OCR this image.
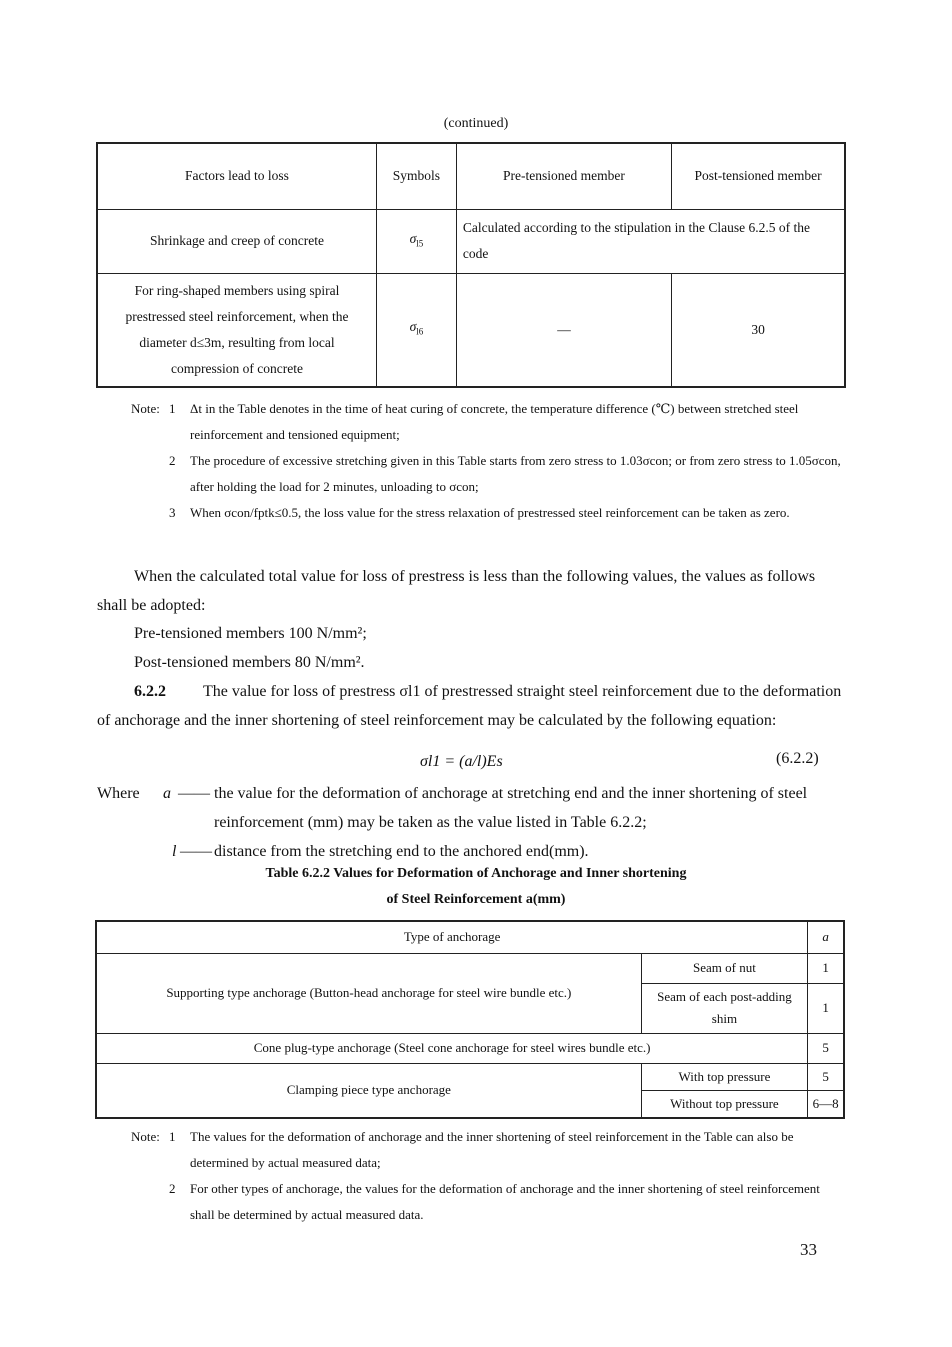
(continued)
Factors lead to loss	Symbols	Pre-tensioned member	Post-tensioned member
Shrinkage and creep of concrete	$\sigma_{l5}$	Calculated according to the stipulation in the Clause 6.2.5 of the code	
For ring-shaped members using spiral prestressed steel reinforcement, when the diameter d≤3m, resulting from local compression of concrete	$\sigma_{l6}$	—	30
Note: 1 Δt in the Table denotes in the time of heat curing of concrete, the temperature difference (℃) between stretched steel reinforcement and tensioned equipment;
2 The procedure of excessive stretching given in this Table starts from zero stress to 1.03σcon; or from zero stress to 1.05σcon, after holding the load for 2 minutes, unloading to σcon;
3 When σcon/fptk≤0.5, the loss value for the stress relaxation of prestressed steel reinforcement can be taken as zero.
When the calculated total value for loss of prestress is less than the following values, the values as follows shall be adopted:
Pre-tensioned members 100 N/mm²;
Post-tensioned members 80 N/mm².
6.2.2	The value for loss of prestress σl1 of prestressed straight steel reinforcement due to the deformation of anchorage and the inner shortening of steel reinforcement may be calculated by the following equation:
σl1 = (a/l)Es	(6.2.2)
Where a —— the value for the deformation of anchorage at stretching end and the inner shortening of steel reinforcement (mm) may be taken as the value listed in Table 6.2.2;
l —— distance from the stretching end to the anchored end(mm).
Table 6.2.2 Values for Deformation of Anchorage and Inner shortening
of Steel Reinforcement a(mm)
Type of anchorage		a
Supporting type anchorage (Button-head anchorage for steel wire bundle etc.)	Seam of nut	1
	Seam of each post-adding shim	1
Cone plug-type anchorage (Steel cone anchorage for steel wires bundle etc.)		5
Clamping piece type anchorage	With top pressure	5
	Without top pressure	6—8
Note: 1 The values for the deformation of anchorage and the inner shortening of steel reinforcement in the Table can also be determined by actual measured data;
2 For other types of anchorage, the values for the deformation of anchorage and the inner shortening of steel reinforcement shall be determined by actual measured data.
33
